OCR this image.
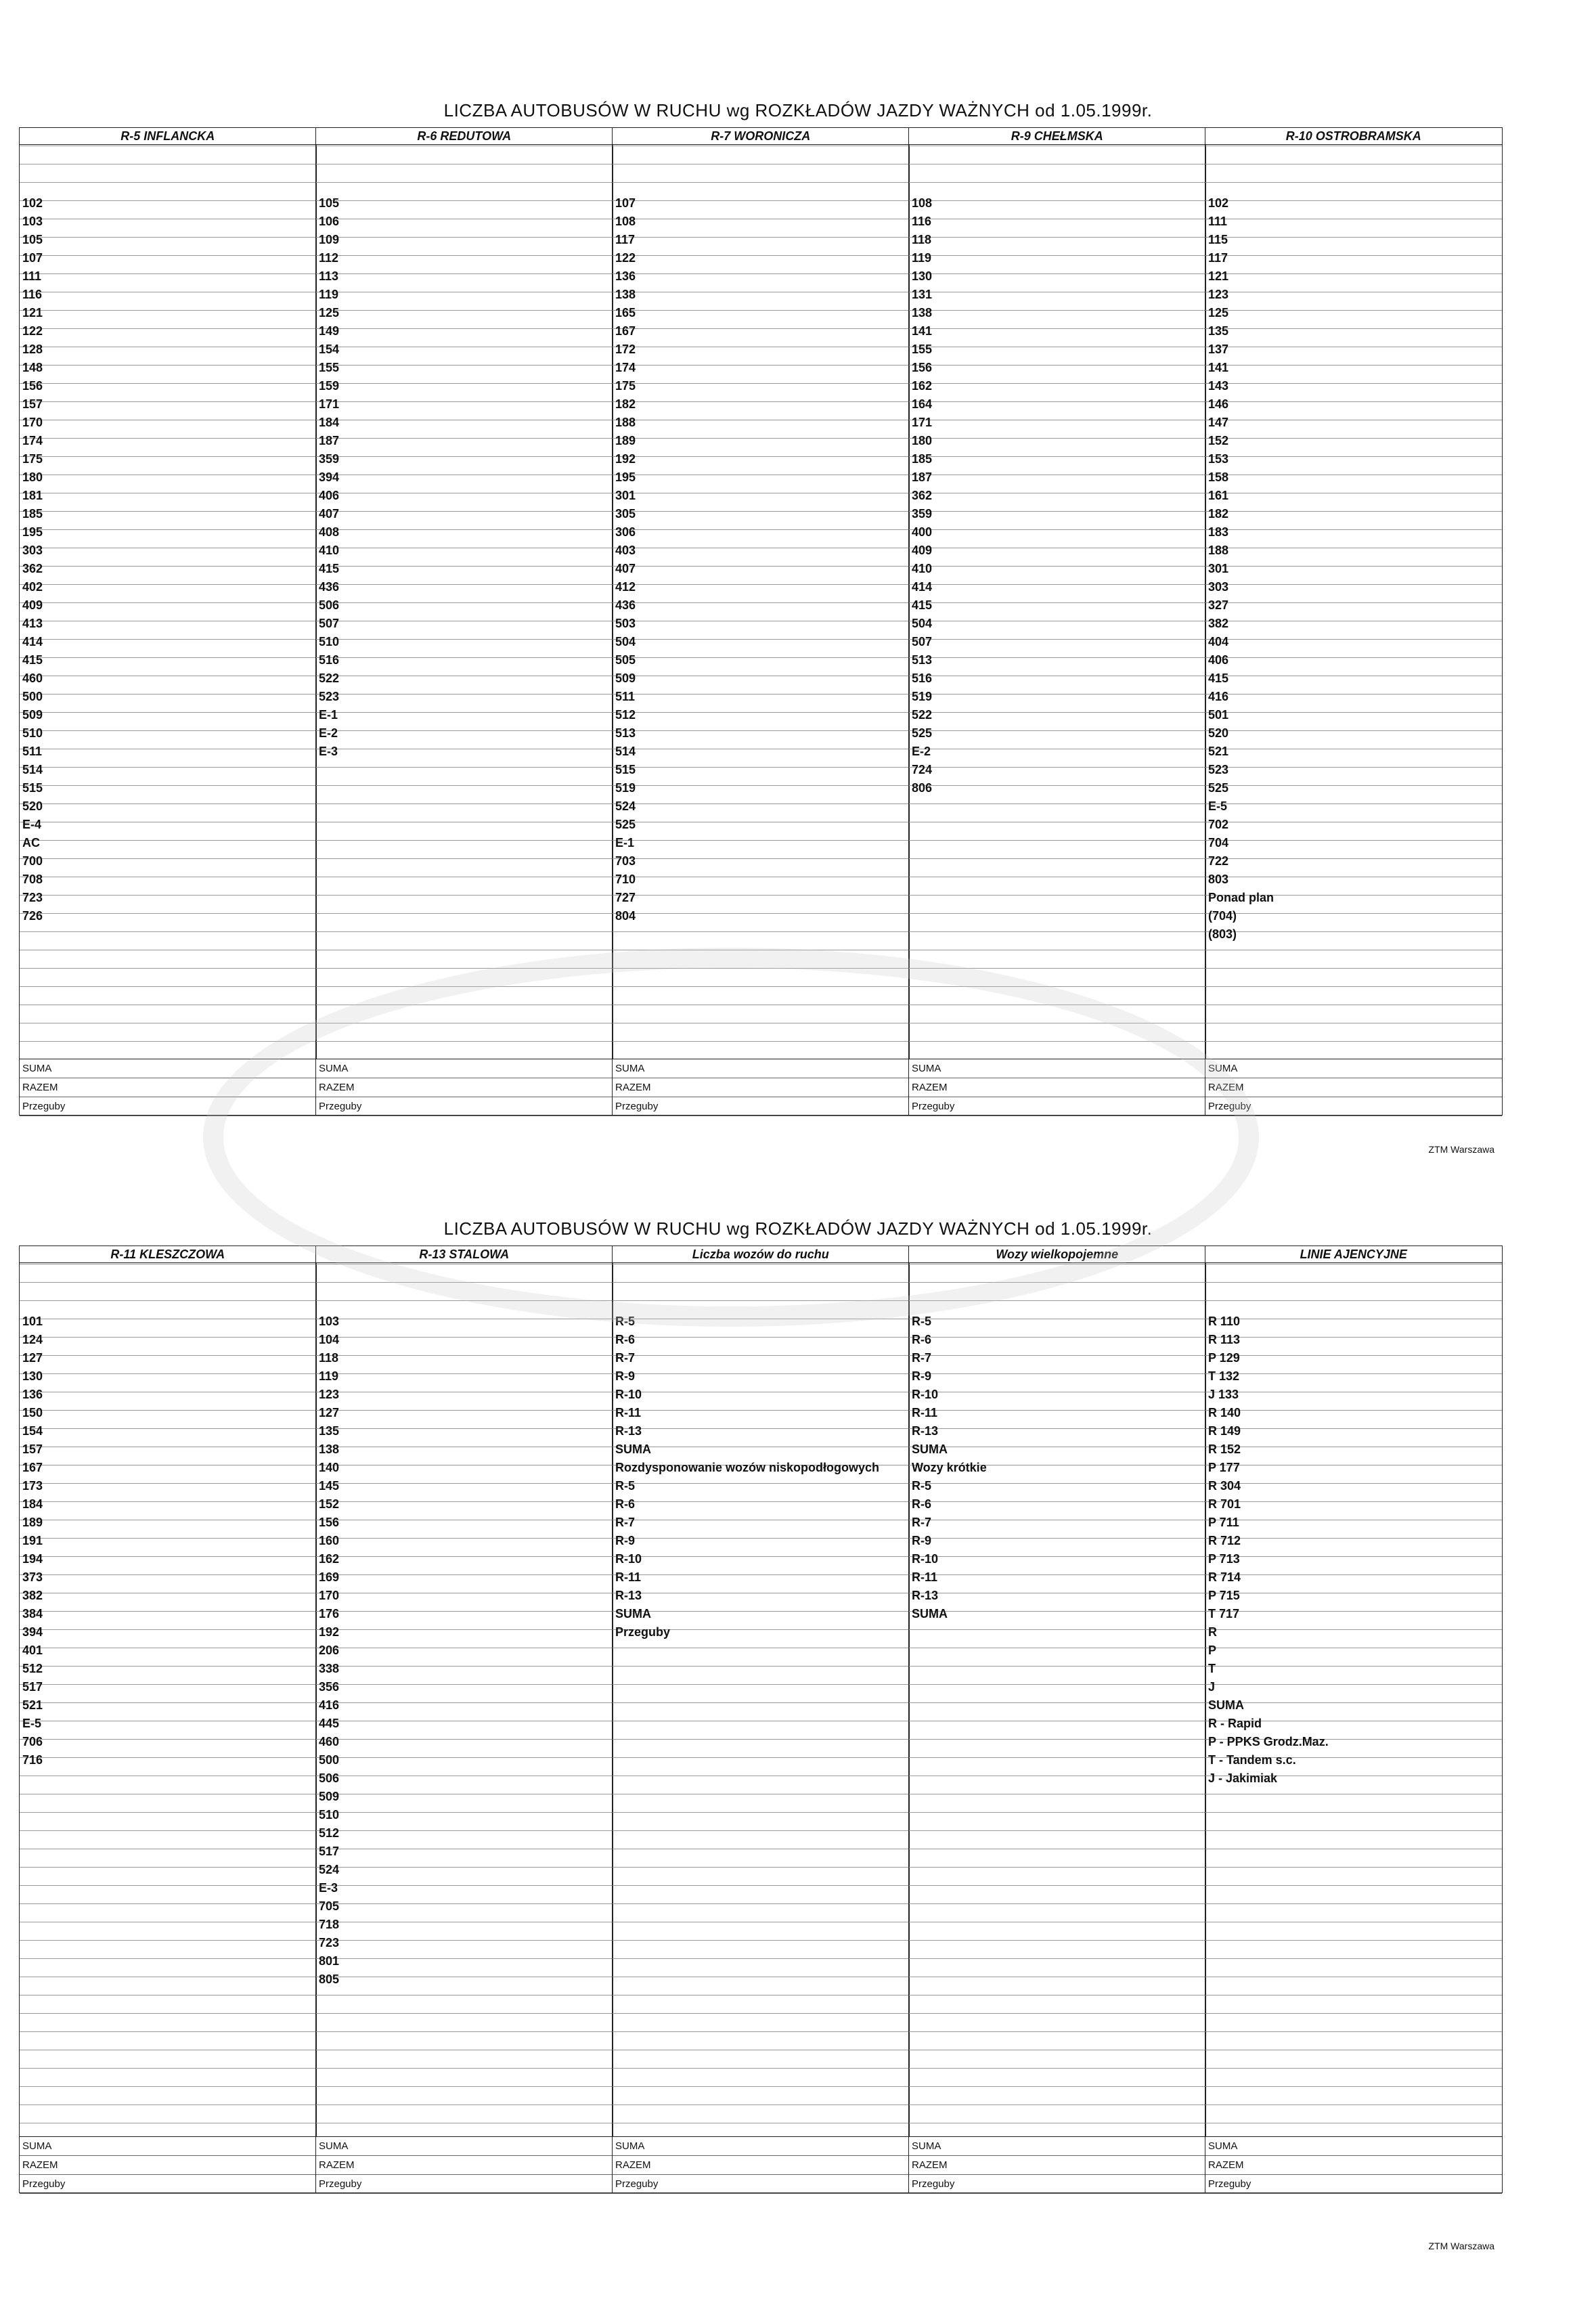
LICZBA AUTOBUSÓW W RUCHU wg ROZKŁADÓW JAZDY WAŻNYCH od 1.05.1999r.
R-5 INFLANCKA
102
103
105
107
111
116
121
122
128
148
156
157
170
174
175
180
181
185
195
303
362
402
409
413
414
415
460
500
509
510
511
514
515
520
E-4
AC
700
708
723
726
SUMA
RAZEM
Przeguby
R-6 REDUTOWA
105
106
109
112
113
119
125
149
154
155
159
171
184
187
359
394
406
407
408
410
415
436
506
507
510
516
522
523
E-1
E-2
E-3
SUMA
RAZEM
Przeguby
R-7 WORONICZA
107
108
117
122
136
138
165
167
172
174
175
182
188
189
192
195
301
305
306
403
407
412
436
503
504
505
509
511
512
513
514
515
519
524
525
E-1
703
710
727
804
SUMA
RAZEM
Przeguby
R-9 CHEŁMSKA
108
116
118
119
130
131
138
141
155
156
162
164
171
180
185
187
362
359
400
409
410
414
415
504
507
513
516
519
522
525
E-2
724
806
SUMA
RAZEM
Przeguby
R-10 OSTROBRAMSKA
102
111
115
117
121
123
125
135
137
141
143
146
147
152
153
158
161
182
183
188
301
303
327
382
404
406
415
416
501
520
521
523
525
E-5
702
704
722
803
Ponad plan
(704)
(803)
SUMA
RAZEM
Przeguby
ZTM Warszawa
LICZBA AUTOBUSÓW W RUCHU wg ROZKŁADÓW JAZDY WAŻNYCH od 1.05.1999r.
R-11 KLESZCZOWA
101
124
127
130
136
150
154
157
167
173
184
189
191
194
373
382
384
394
401
512
517
521
E-5
706
716
SUMA
RAZEM
Przeguby
R-13 STALOWA
103
104
118
119
123
127
135
138
140
145
152
156
160
162
169
170
176
192
206
338
356
416
445
460
500
506
509
510
512
517
524
E-3
705
718
723
801
805
SUMA
RAZEM
Przeguby
Liczba wozów do ruchu
R-5
R-6
R-7
R-9
R-10
R-11
R-13
SUMA
Rozdysponowanie wozów niskopodłogowych
R-5
R-6
R-7
R-9
R-10
R-11
R-13
SUMA
Przeguby
SUMA
RAZEM
Przeguby
Wozy wielkopojemne
R-5
R-6
R-7
R-9
R-10
R-11
R-13
SUMA
Wozy krótkie
R-5
R-6
R-7
R-9
R-10
R-11
R-13
SUMA
SUMA
RAZEM
Przeguby
LINIE AJENCYJNE
R 110
R 113
P 129
T 132
J 133
R 140
R 149
R 152
P 177
R 304
R 701
P 711
R 712
P 713
R 714
P 715
T 717
R
P
T
J
SUMA
R - Rapid
P - PPKS Grodz.Maz.
T - Tandem s.c.
J - Jakimiak
SUMA
RAZEM
Przeguby
ZTM Warszawa
